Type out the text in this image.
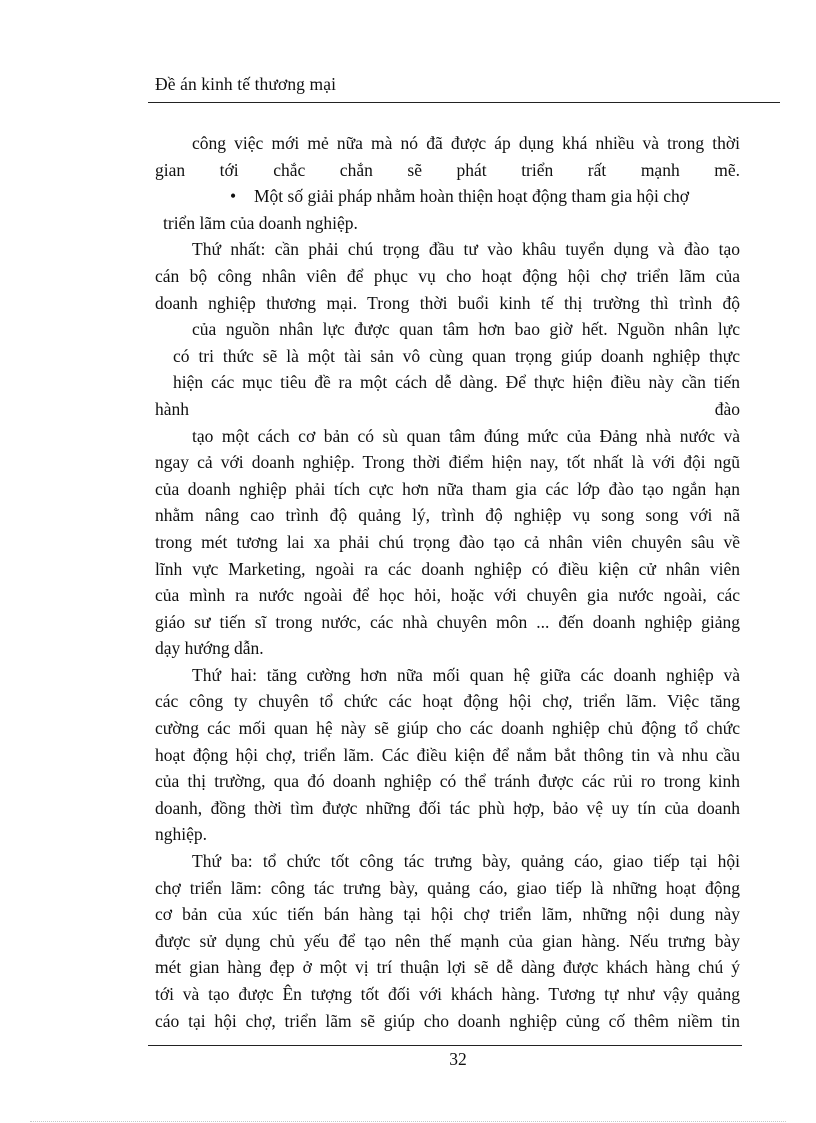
Đề án kinh tế thương mại
công việc mới mẻ nữa mà nó đã được áp dụng khá nhiều và trong thời
gian tới chắc chắn sẽ phát triển rất mạnh mẽ.
• Một số giải pháp nhằm hoàn thiện hoạt động tham gia hội chợ
triển lãm của doanh nghiệp.
Thứ nhất: cần phải chú trọng đầu tư vào khâu tuyển dụng và đào tạo
cán bộ công nhân viên để phục vụ cho hoạt động hội chợ triển lãm của
doanh nghiệp thương mại. Trong thời buổi kinh tế thị trường thì trình độ
của nguồn nhân lực được quan tâm hơn bao giờ hết. Nguồn nhân lực
có tri thức sẽ là một tài sản vô cùng quan trọng giúp doanh nghiệp thực
hiện các mục tiêu đề ra một cách dễ dàng. Để thực hiện điều này cần tiến
hành đào
tạo một cách cơ bản có sù quan tâm đúng mức của Đảng nhà nước và
ngay cả với doanh nghiệp. Trong thời điểm hiện nay, tốt nhất là với đội ngũ
của doanh nghiệp phải tích cực hơn nữa tham gia các lớp đào tạo ngắn hạn
nhằm nâng cao trình độ quảng lý, trình độ nghiệp vụ song song với nã
trong mét tương lai xa phải chú trọng đào tạo cả nhân viên chuyên sâu về
lĩnh vực Marketing, ngoài ra các doanh nghiệp có điều kiện cử nhân viên
của mình ra nước ngoài để học hỏi, hoặc với chuyên gia nước ngoài, các
giáo sư tiến sĩ trong nước, các nhà chuyên môn ... đến doanh nghiệp giảng
dạy hướng dẫn.
Thứ hai: tăng cường hơn nữa mối quan hệ giữa các doanh nghiệp và
các công ty chuyên tổ chức các hoạt động hội chợ, triển lãm. Việc tăng
cường các mối quan hệ này sẽ giúp cho các doanh nghiệp chủ động tổ chức
hoạt động hội chợ, triển lãm. Các điều kiện để nắm bắt thông tin và nhu cầu
của thị trường, qua đó doanh nghiệp có thể tránh được các rủi ro trong kinh
doanh, đồng thời tìm được những đối tác phù hợp, bảo vệ uy tín của doanh
nghiệp.
Thứ ba: tổ chức tốt công tác trưng bày, quảng cáo, giao tiếp tại hội
chợ triển lãm: công tác trưng bày, quảng cáo, giao tiếp là những hoạt động
cơ bản của xúc tiến bán hàng tại hội chợ triển lãm, những nội dung này
được sử dụng chủ yếu để tạo nên thế mạnh của gian hàng. Nếu trưng bày
mét gian hàng đẹp ở một vị trí thuận lợi sẽ dễ dàng được khách hàng chú ý
tới và tạo được Ên tượng tốt đối với khách hàng. Tương tự như vậy quảng
cáo tại hội chợ, triển lãm sẽ giúp cho doanh nghiệp củng cố thêm niềm tin
32
